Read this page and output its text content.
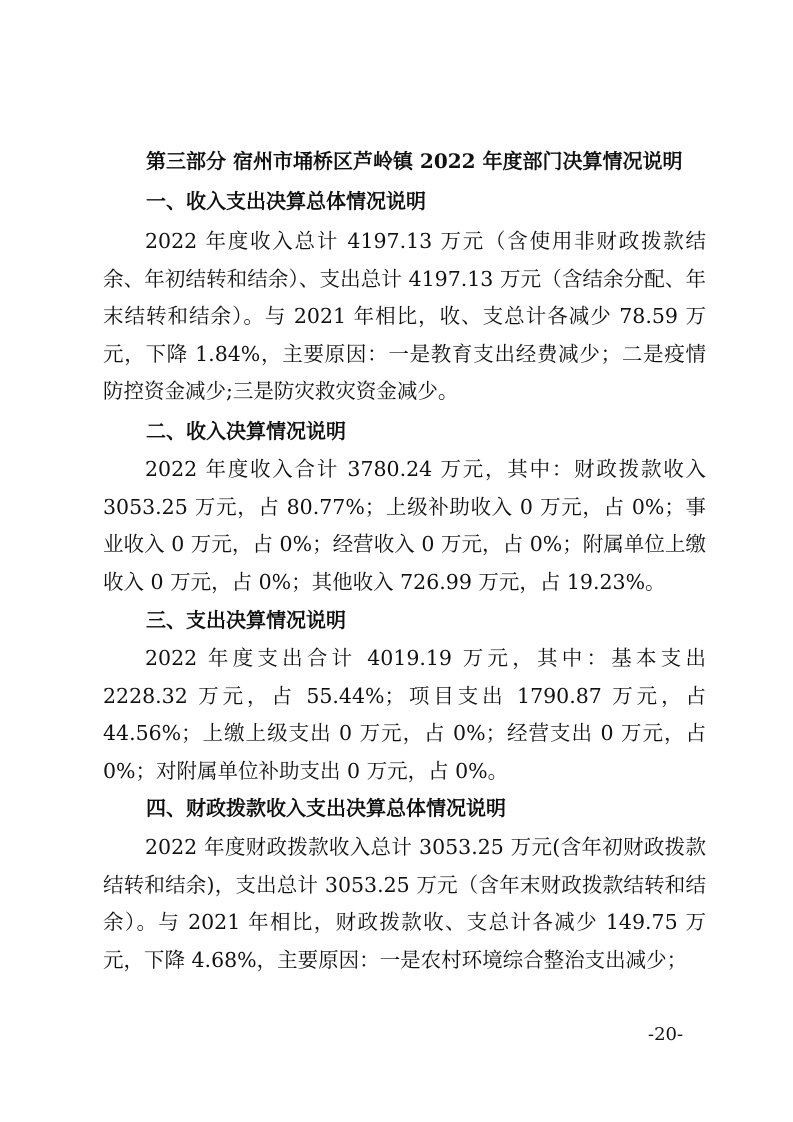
第三部分 宿州市埇桥区芦岭镇 2022 年度部门决算情况说明
一、收入支出决算总体情况说明
2022 年度收入总计 4197.13 万元（含使用非财政拨款结余、年初结转和结余）、支出总计 4197.13 万元（含结余分配、年末结转和结余）。与 2021 年相比，收、支总计各减少 78.59 万元，下降 1.84%，主要原因：一是教育支出经费减少；二是疫情防控资金减少;三是防灾救灾资金减少。
二、收入决算情况说明
2022 年度收入合计 3780.24 万元，其中：财政拨款收入 3053.25 万元，占 80.77%；上级补助收入 0 万元，占 0%；事业收入 0 万元，占 0%；经营收入 0 万元，占 0%；附属单位上缴收入 0 万元，占 0%；其他收入 726.99 万元，占 19.23%。
三、支出决算情况说明
2022 年度支出合计 4019.19 万元，其中：基本支出 2228.32 万元，占 55.44%；项目支出 1790.87 万元，占 44.56%；上缴上级支出 0 万元，占 0%；经营支出 0 万元，占 0%；对附属单位补助支出 0 万元，占 0%。
四、财政拨款收入支出决算总体情况说明
2022 年度财政拨款收入总计 3053.25 万元(含年初财政拨款结转和结余)，支出总计 3053.25 万元（含年末财政拨款结转和结余）。与 2021 年相比，财政拨款收、支总计各减少 149.75 万元，下降 4.68%，主要原因：一是农村环境综合整治支出减少；
-20-
